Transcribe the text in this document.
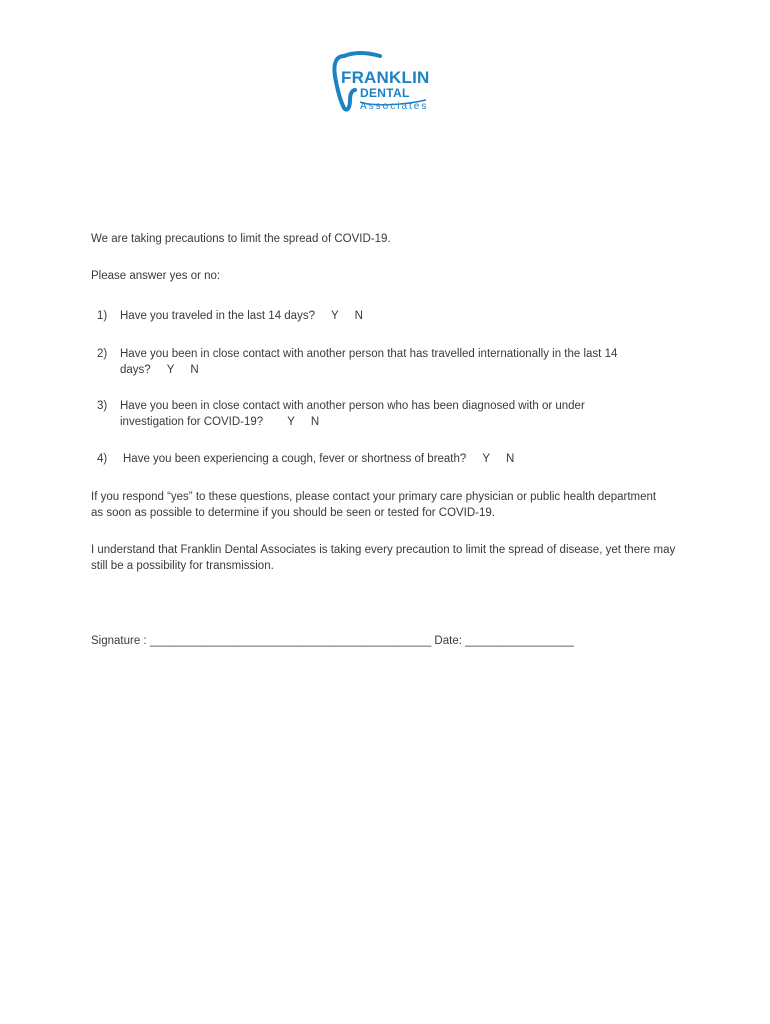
FRANKLIN
DENTAL
Associates
We are taking precautions to limit the spread of COVID-19.
Please answer yes or no:
1) Have you traveled in the last 14 days? Y N
2) Have you been in close contact with another person that has travelled internationally in the last 14
days? Y N
3) Have you been in close contact with another person who has been diagnosed with or under
investigation for COVID-19? Y N
4) Have you been experiencing a cough, fever or shortness of breath? Y N
If you respond “yes” to these questions, please contact your primary care physician or public health department as soon as possible to determine if you should be seen or tested for COVID-19.
I understand that Franklin Dental Associates is taking every precaution to limit the spread of disease, yet there may still be a possibility for transmission.
Signature : ____________________________________________ Date: _________________
